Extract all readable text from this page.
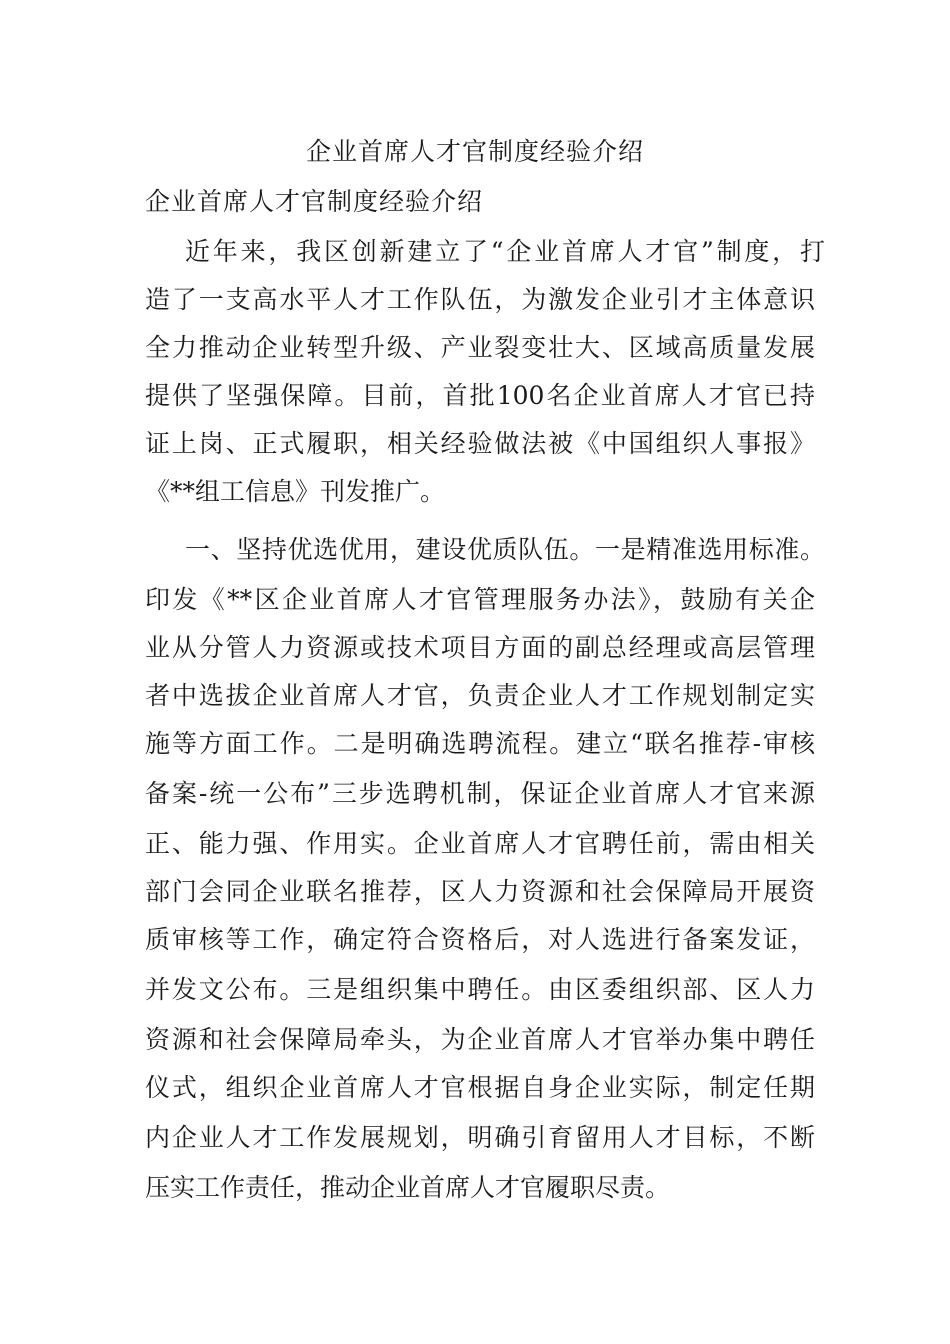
企业首席人才官制度经验介绍
企业首席人才官制度经验介绍
近年来，我区创新建立了“企业首席人才官”制度，打
造了一支高水平人才工作队伍，为激发企业引才主体意识
全力推动企业转型升级、产业裂变壮大、区域高质量发展
提供了坚强保障。目前，首批100名企业首席人才官已持
证上岗、正式履职，相关经验做法被《中国组织人事报》
《**组工信息》刊发推广。
一、坚持优选优用，建设优质队伍。一是精准选用标准。
印发《**区企业首席人才官管理服务办法》，鼓励有关企
业从分管人力资源或技术项目方面的副总经理或高层管理
者中选拔企业首席人才官，负责企业人才工作规划制定实
施等方面工作。二是明确选聘流程。建立“联名推荐-审核
备案-统一公布”三步选聘机制，保证企业首席人才官来源
正、能力强、作用实。企业首席人才官聘任前，需由相关
部门会同企业联名推荐，区人力资源和社会保障局开展资
质审核等工作，确定符合资格后，对人选进行备案发证，
并发文公布。三是组织集中聘任。由区委组织部、区人力
资源和社会保障局牵头，为企业首席人才官举办集中聘任
仪式，组织企业首席人才官根据自身企业实际，制定任期
内企业人才工作发展规划，明确引育留用人才目标，不断
压实工作责任，推动企业首席人才官履职尽责。
